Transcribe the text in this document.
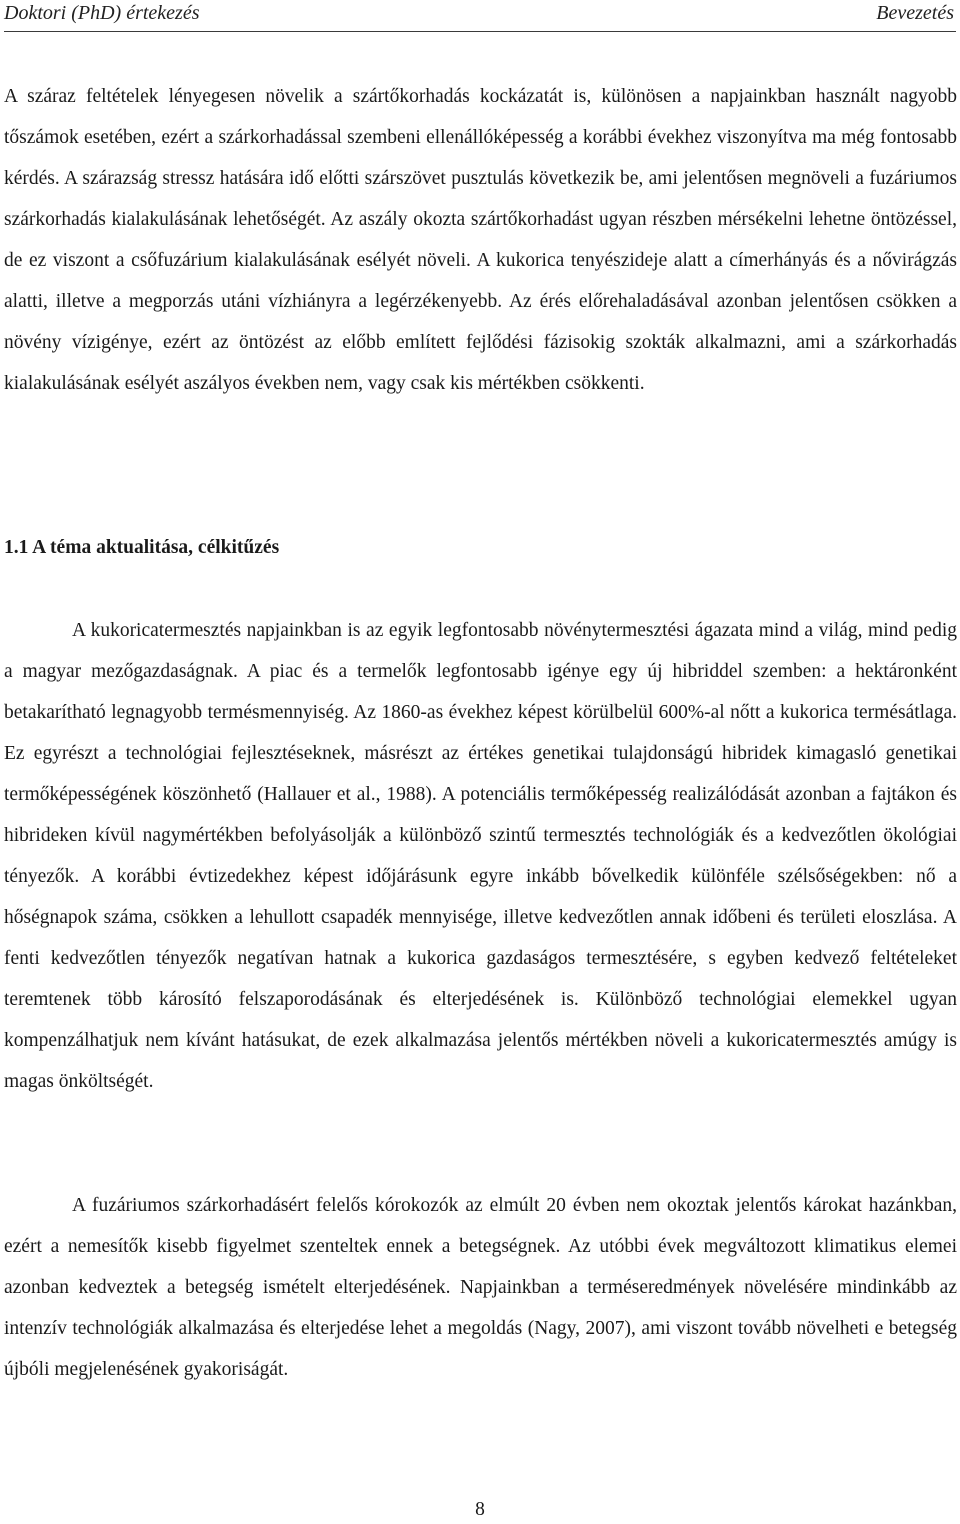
Doktori (PhD) értekezés	Bevezetés

A száraz feltételek lényegesen növelik a szártőkorhadás kockázatát is, különösen a napjainkban használt nagyobb tőszámok esetében, ezért a szárkorhadással szembeni ellenállóképesség a korábbi évekhez viszonyítva ma még fontosabb kérdés. A szárazság stressz hatására idő előtti szárszövet pusztulás következik be, ami jelentősen megnöveli a fuzáriumos szárkorhadás kialakulásának lehetőségét. Az aszály okozta szártőkorhadást ugyan részben mérsékelni lehetne öntözéssel, de ez viszont a csőfuzárium kialakulásának esélyét növeli. A kukorica tenyészideje alatt a címerhányás és a nővirágzás alatti, illetve a megporzás utáni vízhiányra a legérzékenyebb. Az érés előrehaladásával azonban jelentősen csökken a növény vízigénye, ezért az öntözést az előbb említett fejlődési fázisokig szokták alkalmazni, ami a szárkorhadás kialakulásának esélyét aszályos években nem, vagy csak kis mértékben csökkenti.

1.1 A téma aktualitása, célkitűzés

A kukoricatermesztés napjainkban is az egyik legfontosabb növénytermesztési ágazata mind a világ, mind pedig a magyar mezőgazdaságnak. A piac és a termelők legfontosabb igénye egy új hibriddel szemben: a hektáronként betakarítható legnagyobb termésmennyiség. Az 1860-as évekhez képest körülbelül 600%-al nőtt a kukorica termésátlaga. Ez egyrészt a technológiai fejlesztéseknek, másrészt az értékes genetikai tulajdonságú hibridek kimagasló genetikai termőképességének köszönhető (Hallauer et al., 1988). A potenciális termőképesség realizálódását azonban a fajtákon és hibrideken kívül nagymértékben befolyásolják a különböző szintű termesztés technológiák és a kedvezőtlen ökológiai tényezők. A korábbi évtizedekhez képest időjárásunk egyre inkább bővelkedik különféle szélsőségekben: nő a hőségnapok száma, csökken a lehullott csapadék mennyisége, illetve kedvezőtlen annak időbeni és területi eloszlása. A fenti kedvezőtlen tényezők negatívan hatnak a kukorica gazdaságos termesztésére, s egyben kedvező feltételeket teremtenek több károsító felszaporodásának és elterjedésének is. Különböző technológiai elemekkel ugyan kompenzálhatjuk nem kívánt hatásukat, de ezek alkalmazása jelentős mértékben növeli a kukoricatermesztés amúgy is magas önköltségét.

A fuzáriumos szárkorhadásért felelős kórokozók az elmúlt 20 évben nem okoztak jelentős károkat hazánkban, ezért a nemesítők kisebb figyelmet szenteltek ennek a betegségnek. Az utóbbi évek megváltozott klimatikus elemei azonban kedveztek a betegség ismételt elterjedésének. Napjainkban a terméseredmények növelésére mindinkább az intenzív technológiák alkalmazása és elterjedése lehet a megoldás (Nagy, 2007), ami viszont tovább növelheti e betegség újbóli megjelenésének gyakoriságát.

8
